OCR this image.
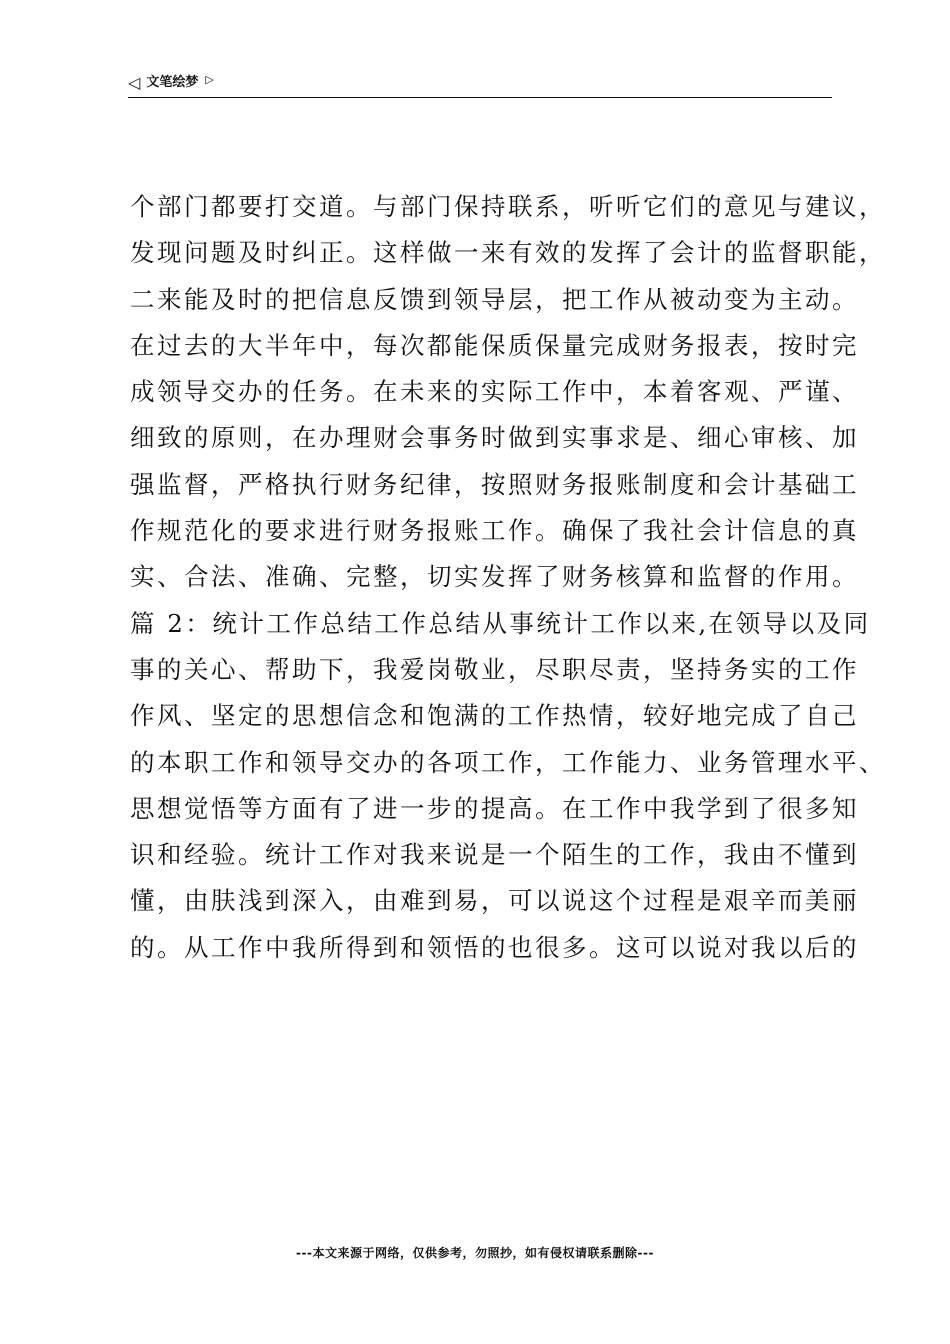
◁ 文笔绘梦 ▷
个部门都要打交道。与部门保持联系，听听它们的意见与建议，
发现问题及时纠正。这样做一来有效的发挥了会计的监督职能，
二来能及时的把信息反馈到领导层，把工作从被动变为主动。
在过去的大半年中，每次都能保质保量完成财务报表，按时完
成领导交办的任务。在未来的实际工作中，本着客观、严谨、
细致的原则，在办理财会事务时做到实事求是、细心审核、加
强监督，严格执行财务纪律，按照财务报账制度和会计基础工
作规范化的要求进行财务报账工作。确保了我社会计信息的真
实、合法、准确、完整，切实发挥了财务核算和监督的作用。
篇 2：统计工作总结工作总结从事统计工作以来,在领导以及同
事的关心、帮助下，我爱岗敬业，尽职尽责，坚持务实的工作
作风、坚定的思想信念和饱满的工作热情，较好地完成了自己
的本职工作和领导交办的各项工作，工作能力、业务管理水平、
思想觉悟等方面有了进一步的提高。在工作中我学到了很多知
识和经验。统计工作对我来说是一个陌生的工作，我由不懂到
懂，由肤浅到深入，由难到易，可以说这个过程是艰辛而美丽
的。从工作中我所得到和领悟的也很多。这可以说对我以后的
---本文来源于网络，仅供参考，勿照抄，如有侵权请联系删除---
